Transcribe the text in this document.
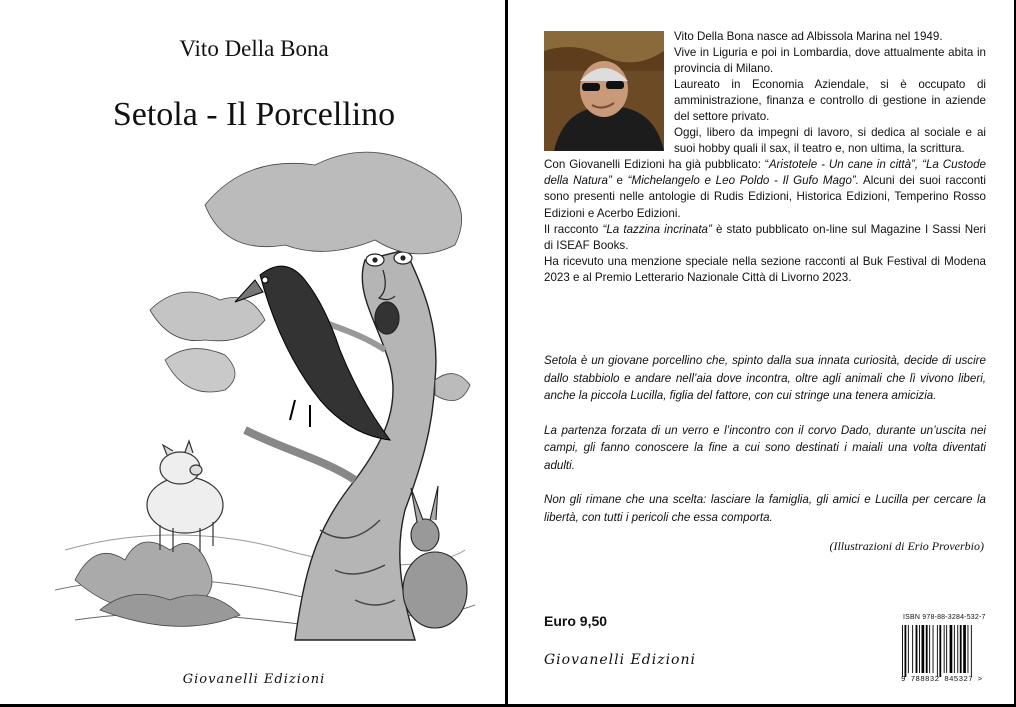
Vito Della Bona
Setola - Il Porcellino
Giovanelli Edizioni

Vito Della Bona nasce ad Albissola Marina nel 1949.

Vive in Liguria e poi in Lombardia, dove attualmente abita in provincia di Milano.

Laureato in Economia Aziendale, si è occupato di amministrazione, finanza e controllo di gestione in aziende del settore privato.

Oggi, libero da impegni di lavoro, si dedica al sociale e ai suoi hobby quali il sax, il teatro e, non ultima, la scrittura.

Con Giovanelli Edizioni ha già pubblicato: “Aristotele - Un cane in città”, “La Custode della Natura” e “Michelangelo e Leo Poldo - Il Gufo Mago”. Alcuni dei suoi racconti sono presenti nelle antologie di Rudis Edizioni, Historica Edizioni, Temperino Rosso Edizioni e Acerbo Edizioni.

Il racconto “La tazzina incrinata” è stato pubblicato on-line sul Magazine I Sassi Neri di ISEAF Books.

Ha ricevuto una menzione speciale nella sezione racconti al Buk Festival di Modena 2023 e al Premio Letterario Nazionale Città di Livorno 2023.

Setola è un giovane porcellino che, spinto dalla sua innata curiosità, decide di uscire dallo stabbiolo e andare nell’aia dove incontra, oltre agli animali che lì vivono liberi, anche la piccola Lucilla, figlia del fattore, con cui stringe una tenera amicizia.

La partenza forzata di un verro e l’incontro con il corvo Dado, durante un’uscita nei campi, gli fanno conoscere la fine a cui sono destinati i maiali una volta diventati adulti.

Non gli rimane che una scelta: lasciare la famiglia, gli amici e Lucilla per cercare la libertà, con tutti i pericoli che essa comporta.

(Illustrazioni di Erio Proverbio)
Euro 9,50
Giovanelli Edizioni
ISBN 978-88-3284-532-7
9 788832 845327 >
